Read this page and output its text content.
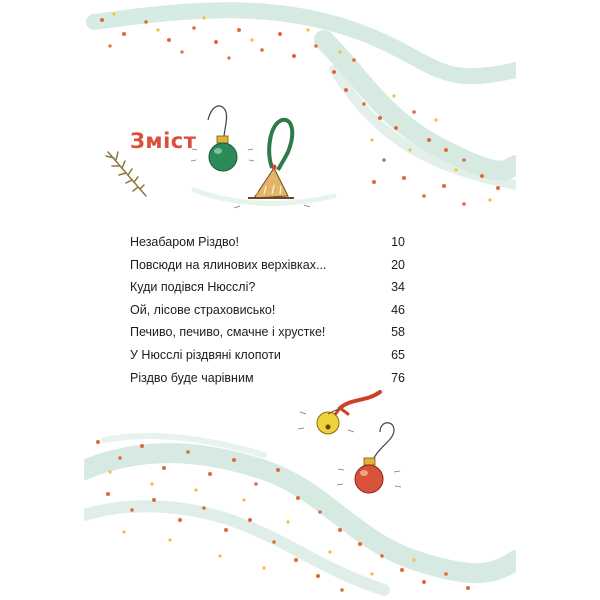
Зміст
Незабаром Різдво!	10
Повсюди на ялинових верхівках...	20
Куди подівся Нюсслі?	34
Ой, лісове страховисько!	46
Печиво, печиво, смачне і хрустке!	58
У Нюсслі різдвяні клопоти	65
Різдво буде чарівним	76
